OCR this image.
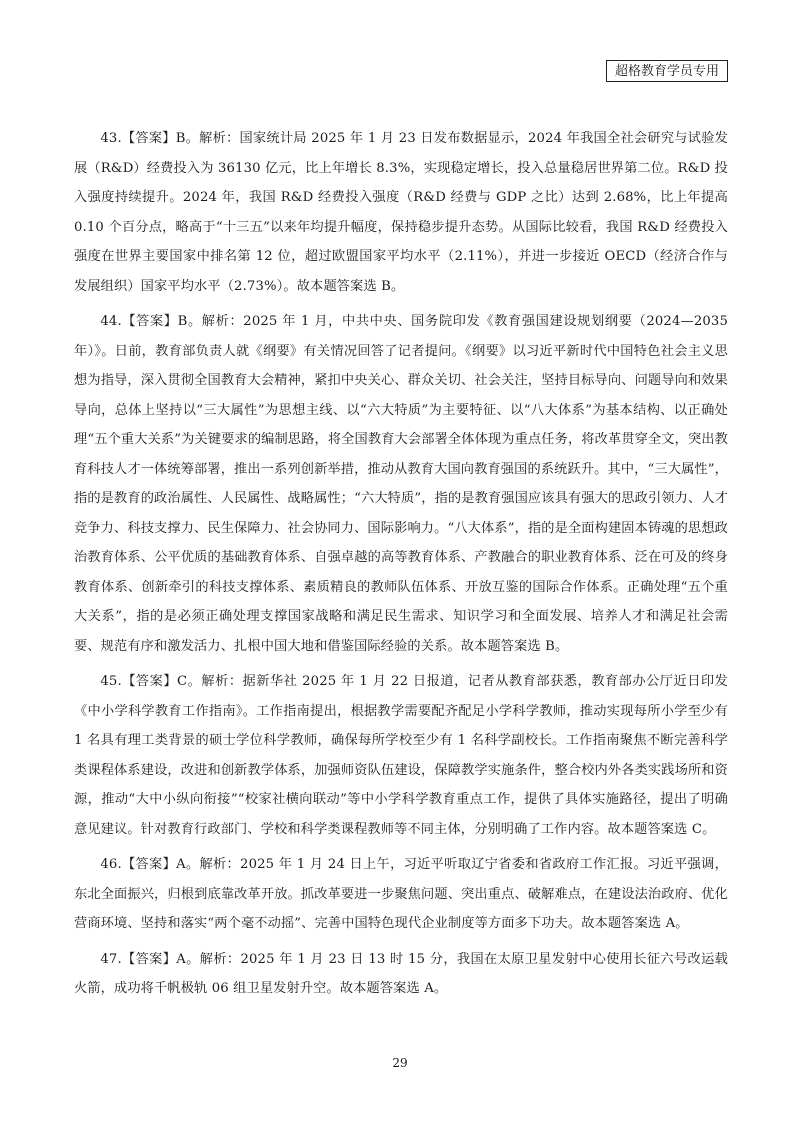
超格教育学员专用

43.【答案】B。解析：国家统计局 2025 年 1 月 23 日发布数据显示，2024 年我国全社会研究与试验发展（R&D）经费投入为 36130 亿元，比上年增长 8.3%，实现稳定增长，投入总量稳居世界第二位。R&D 投入强度持续提升。2024 年，我国 R&D 经费投入强度（R&D 经费与 GDP 之比）达到 2.68%，比上年提高 0.10 个百分点，略高于“十三五”以来年均提升幅度，保持稳步提升态势。从国际比较看，我国 R&D 经费投入强度在世界主要国家中排名第 12 位，超过欧盟国家平均水平（2.11%），并进一步接近 OECD（经济合作与发展组织）国家平均水平（2.73%）。故本题答案选 B。

44.【答案】B。解析：2025 年 1 月，中共中央、国务院印发《教育强国建设规划纲要（2024—2035 年）》。日前，教育部负责人就《纲要》有关情况回答了记者提问。《纲要》以习近平新时代中国特色社会主义思想为指导，深入贯彻全国教育大会精神，紧扣中央关心、群众关切、社会关注，坚持目标导向、问题导向和效果导向，总体上坚持以“三大属性”为思想主线、以“六大特质”为主要特征、以“八大体系”为基本结构、以正确处理“五个重大关系”为关键要求的编制思路，将全国教育大会部署全体体现为重点任务，将改革贯穿全文，突出教育科技人才一体统筹部署，推出一系列创新举措，推动从教育大国向教育强国的系统跃升。其中，“三大属性”，指的是教育的政治属性、人民属性、战略属性；“六大特质”，指的是教育强国应该具有强大的思政引领力、人才竞争力、科技支撑力、民生保障力、社会协同力、国际影响力。“八大体系”，指的是全面构建固本铸魂的思想政治教育体系、公平优质的基础教育体系、自强卓越的高等教育体系、产教融合的职业教育体系、泛在可及的终身教育体系、创新牵引的科技支撑体系、素质精良的教师队伍体系、开放互鉴的国际合作体系。正确处理“五个重大关系”，指的是必须正确处理支撑国家战略和满足民生需求、知识学习和全面发展、培养人才和满足社会需要、规范有序和激发活力、扎根中国大地和借鉴国际经验的关系。故本题答案选 B。

45.【答案】C。解析：据新华社 2025 年 1 月 22 日报道，记者从教育部获悉，教育部办公厅近日印发《中小学科学教育工作指南》。工作指南提出，根据教学需要配齐配足小学科学教师，推动实现每所小学至少有 1 名具有理工类背景的硕士学位科学教师，确保每所学校至少有 1 名科学副校长。工作指南聚焦不断完善科学类课程体系建设，改进和创新教学体系，加强师资队伍建设，保障教学实施条件，整合校内外各类实践场所和资源，推动“大中小纵向衔接”“校家社横向联动”等中小学科学教育重点工作，提供了具体实施路径，提出了明确意见建议。针对教育行政部门、学校和科学类课程教师等不同主体，分别明确了工作内容。故本题答案选 C。

46.【答案】A。解析：2025 年 1 月 24 日上午，习近平听取辽宁省委和省政府工作汇报。习近平强调，东北全面振兴，归根到底靠改革开放。抓改革要进一步聚焦问题、突出重点、破解难点，在建设法治政府、优化营商环境、坚持和落实“两个毫不动摇”、完善中国特色现代企业制度等方面多下功夫。故本题答案选 A。

47.【答案】A。解析：2025 年 1 月 23 日 13 时 15 分，我国在太原卫星发射中心使用长征六号改运载火箭，成功将千帆极轨 06 组卫星发射升空。故本题答案选 A。

29
